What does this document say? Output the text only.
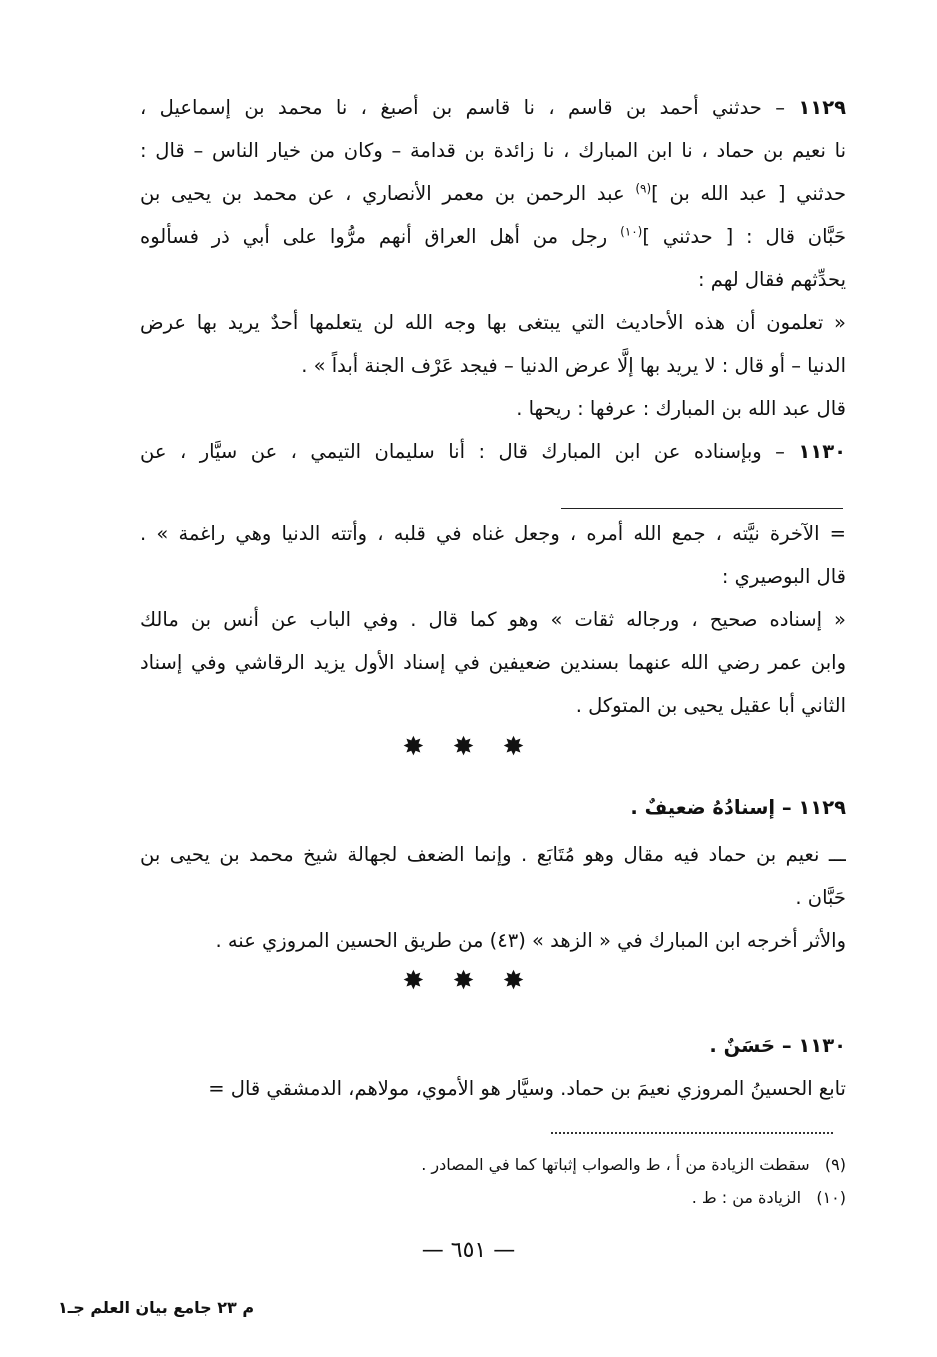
١١٢٩ – حدثني أحمد بن قاسم ، نا قاسم بن أصبغ ، نا محمد بن إسماعيل ،
نا نعيم بن حماد ، نا ابن المبارك ، نا زائدة بن قدامة – وكان من خيار الناس – قال :
حدثني [ عبد الله بن ]$^{(٩)}$ عبد الرحمن بن معمر الأنصاري ، عن محمد بن يحيى بن
حَبَّان قال : [ حدثني ]$^{(١٠)}$ رجل من أهل العراق أنهم مرُّوا على أبي ذر فسألوه
يحدِّثهم فقال لهم :
« تعلمون أن هذه الأحاديث التي يبتغى بها وجه الله لن يتعلمها أحدٌ يريد بها عرض
الدنيا – أو قال : لا يريد بها إلَّا عرض الدنيا – فيجد عَرْف الجنة أبداً » .
قال عبد الله بن المبارك : عرفها : ريحها .
١١٣٠ – وبإسناده عن ابن المبارك قال : أنا سليمان التيمي ، عن سيَّار ، عن
= الآخرة نيَّته ، جمع الله أمره ، وجعل غناه في قلبه ، وأتته الدنيا وهي راغمة » .
قال البوصيري :
« إسناده صحيح ، ورجاله ثقات » وهو كما قال . وفي الباب عن أنس بن مالك
وابن عمر رضي الله عنهما بسندين ضعيفين في إسناد الأول يزيد الرقاشي وفي إسناد
الثاني أبا عقيل يحيى بن المتوكل .
✸ ✸ ✸
١١٢٩ – إسنادُهُ ضعيفٌ .
ـــ نعيم بن حماد فيه مقال وهو مُتَابَع . وإنما الضعف لجهالة شيخ محمد بن يحيى بن
حَبَّان .
والأثر أخرجه ابن المبارك في « الزهد » (٤٣) من طريق الحسين المروزي عنه .
✸ ✸ ✸
١١٣٠ – حَسَنٌ .
تابع الحسينُ المروزي نعيمَ بن حماد. وسيَّار هو الأموي، مولاهم، الدمشقي قال =
(٩)   سقطت الزيادة من أ ، ط والصواب إثباتها كما في المصادر .
(١٠)   الزيادة من : ط .
— ٦٥١ —
م ٢٣ جامع بيان العلم جـ١
